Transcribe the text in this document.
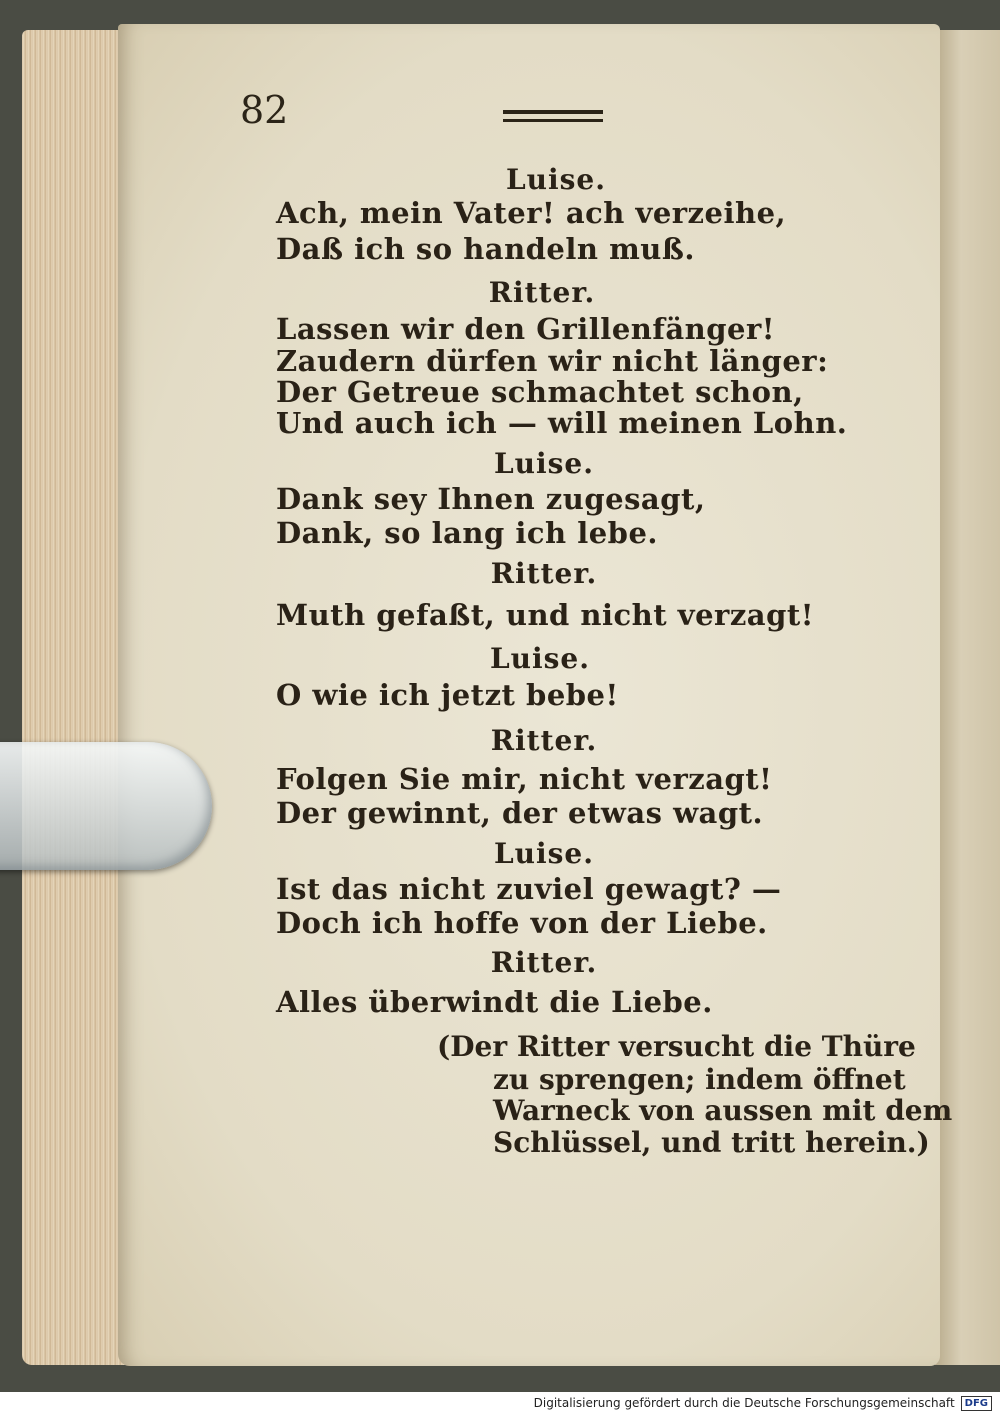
82
Luise.
Ach, mein Vater! ach verzeihe,
Daß ich so handeln muß.
Ritter.
Lassen wir den Grillenfänger!
Zaudern dürfen wir nicht länger:
Der Getreue schmachtet schon,
Und auch ich — will meinen Lohn.
Luise.
Dank sey Ihnen zugesagt,
Dank, so lang ich lebe.
Ritter.
Muth gefaßt, und nicht verzagt!
Luise.
O wie ich jetzt bebe!
Ritter.
Folgen Sie mir, nicht verzagt!
Der gewinnt, der etwas wagt.
Luise.
Ist das nicht zuviel gewagt? —
Doch ich hoffe von der Liebe.
Ritter.
Alles überwindt die Liebe.
(Der Ritter versucht die Thüre
zu sprengen; indem öffnet
Warneck von aussen mit dem
Schlüssel, und tritt herein.)
Digitalisierung gefördert durch die Deutsche Forschungsgemeinschaft DFG
